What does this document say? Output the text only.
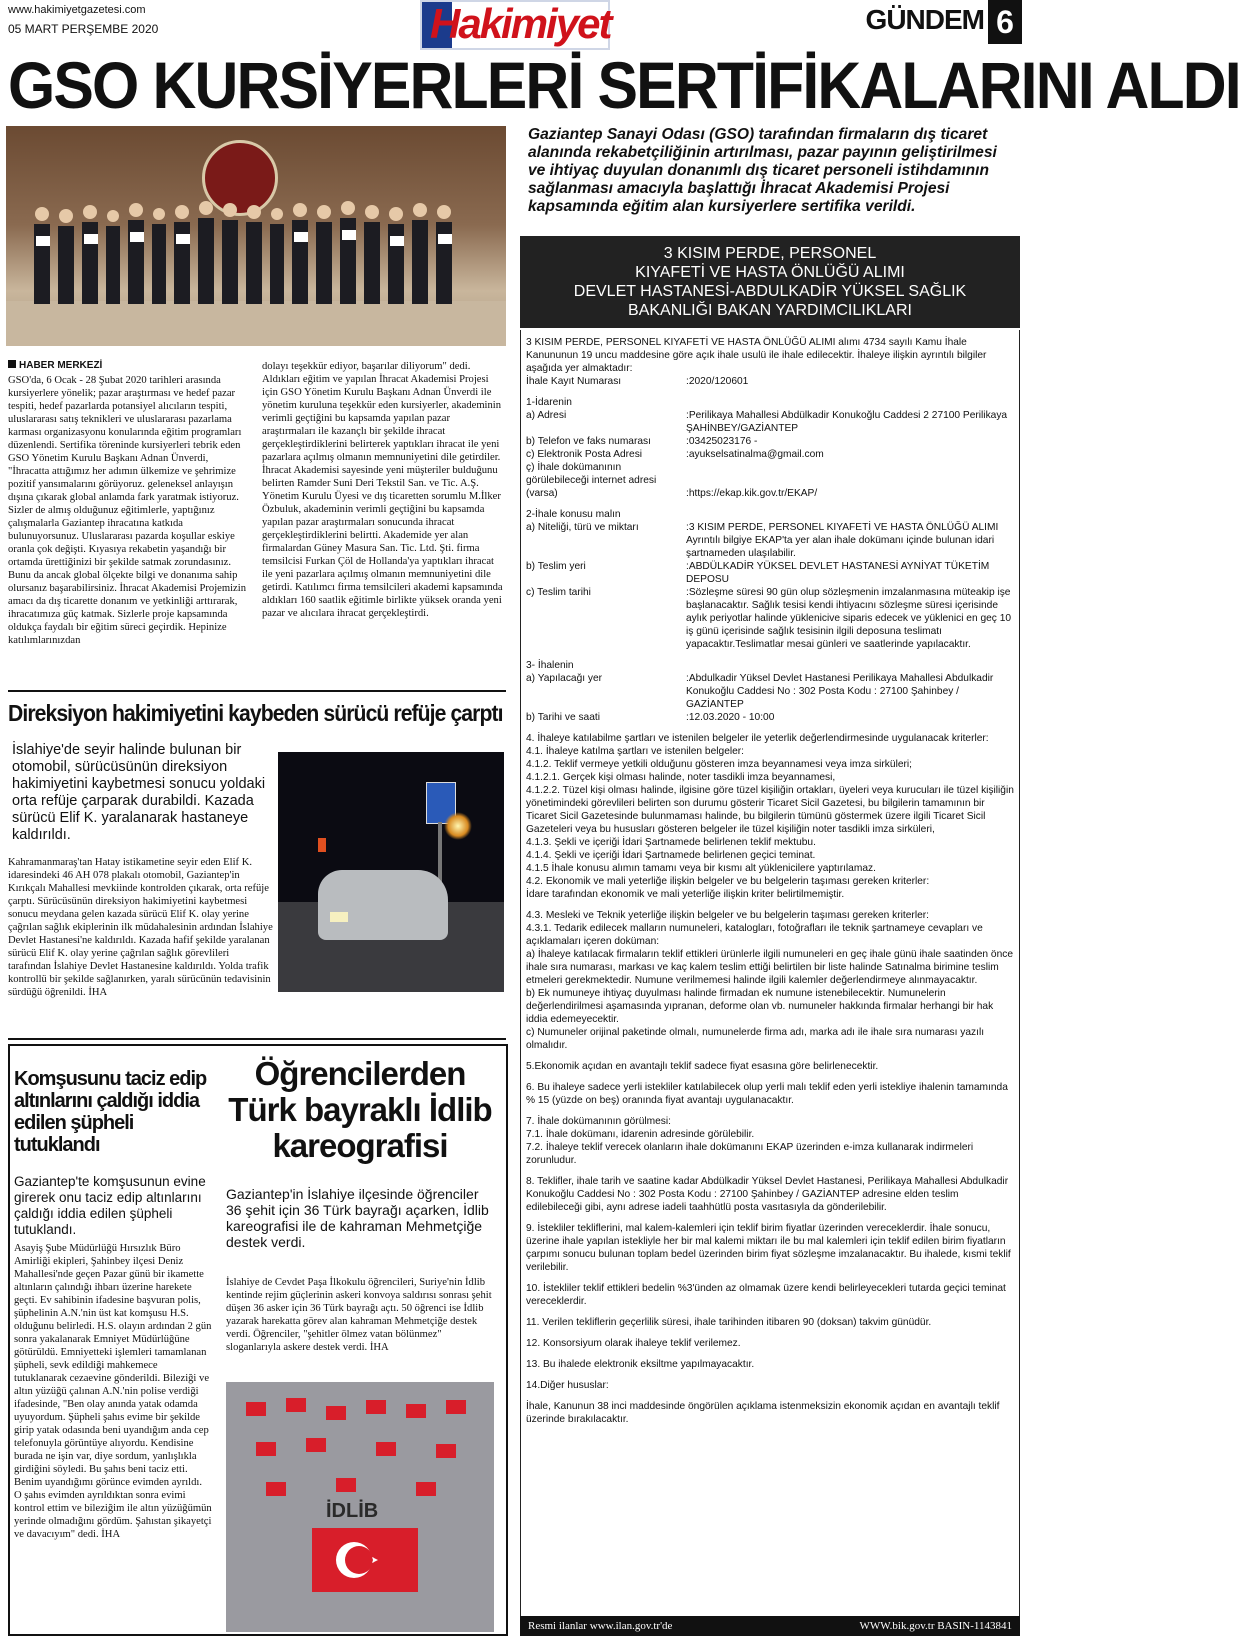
www.hakimiyetgazetesi.com
05 MART PERŞEMBE 2020	Hakimiyet	GÜNDEM 6
GSO KURSİYERLERİ SERTİFİKALARINI ALDI
Gaziantep Sanayi Odası (GSO) tarafından firmaların dış ticaret alanında rekabetçiliğinin artırılması, pazar payının geliştirilmesi ve ihtiyaç duyulan donanımlı dış ticaret personeli istihdamının sağlanması amacıyla başlattığı İhracat Akademisi Projesi kapsamında eğitim alan kursiyerlere sertifika verildi.
HABER MERKEZİ

GSO'da, 6 Ocak - 28 Şubat 2020 tarihleri arasında kursiyerlere yönelik; pazar araştırması ve hedef pazar tespiti, hedef pazarlarda potansiyel alıcıların tespiti, uluslararası satış teknikleri ve uluslararası pazarlama karması organizasyonu konularında eğitim programları düzenlendi. Sertifika töreninde kursiyerleri tebrik eden GSO Yönetim Kurulu Başkanı Adnan Ünverdi, "İhracatta attığımız her adımın ülkemize ve şehrimize pozitif yansımalarını görüyoruz. geleneksel anlayışın dışına çıkarak global anlamda fark yaratmak istiyoruz. Sizler de almış olduğunuz eğitimlerle, yaptığınız çalışmalarla Gaziantep ihracatına katkıda bulunuyorsunuz. Uluslararası pazarda koşullar eskiye oranla çok değişti. Kıyasıya rekabetin yaşandığı bir ortamda ürettiğinizi bir şekilde satmak zorundasınız. Bunu da ancak global ölçekte bilgi ve donanıma sahip olursanız başarabilirsiniz. İhracat Akademisi Projemizin amacı da dış ticarette donanım ve yetkinliği arttırarak, ihracatımıza güç katmak. Sizlerle proje kapsamında oldukça faydalı bir eğitim süreci geçirdik. Hepinize katılımlarınızdan

dolayı teşekkür ediyor, başarılar diliyorum" dedi. Aldıkları eğitim ve yapılan İhracat Akademisi Projesi için GSO Yönetim Kurulu Başkanı Adnan Ünverdi ile yönetim kuruluna teşekkür eden kursiyerler, akademinin verimli geçtiğini bu kapsamda yapılan pazar araştırmaları ile kazançlı bir şekilde ihracat gerçekleştirdiklerini belirterek yaptıkları ihracat ile yeni pazarlara açılmış olmanın memnuniyetini dile getirdiler. İhracat Akademisi sayesinde yeni müşteriler bulduğunu belirten Ramder Suni Deri Tekstil San. ve Tic. A.Ş. Yönetim Kurulu Üyesi ve dış ticaretten sorumlu M.İlker Özbuluk, akademinin verimli geçtiğini bu kapsamda yapılan pazar araştırmaları sonucunda ihracat gerçekleştirdiklerini belirtti. Akademide yer alan firmalardan Güney Masura San. Tic. Ltd. Şti. firma temsilcisi Furkan Çöl de Hollanda'ya yaptıkları ihracat ile yeni pazarlara açılmış olmanın memnuniyetini dile getirdi. Katılımcı firma temsilcileri akademi kapsamında aldıkları 160 saatlik eğitimle birlikte yüksek oranda yeni pazar ve alıcılara ihracat gerçekleştirdi.

Direksiyon hakimiyetini kaybeden sürücü refüje çarptı
İslahiye'de seyir halinde bulunan bir otomobil, sürücüsünün direksiyon hakimiyetini kaybetmesi sonucu yoldaki orta refüje çarparak durabildi. Kazada sürücü Elif K. yaralanarak hastaneye kaldırıldı.

Kahramanmaraş'tan Hatay istikametine seyir eden Elif K. idaresindeki 46 AH 078 plakalı otomobil, Gaziantep'in Kırıkçalı Mahallesi mevkiinde kontrolden çıkarak, orta refüje çarptı. Sürücüsünün direksiyon hakimiyetini kaybetmesi sonucu meydana gelen kazada sürücü Elif K. olay yerine çağrılan sağlık ekiplerinin ilk müdahalesinin ardından İslahiye Devlet Hastanesi'ne kaldırıldı. Kazada hafif şekilde yaralanan sürücü Elif K. olay yerine çağrılan sağlık görevlileri tarafından İslahiye Devlet Hastanesine kaldırıldı. Yolda trafik kontrollü bir şekilde sağlanırken, yaralı sürücünün tedavisinin sürdüğü öğrenildi. İHA

Komşusunu taciz edip altınlarını çaldığı iddia edilen şüpheli tutuklandı
Gaziantep'te komşusunun evine girerek onu taciz edip altınlarını çaldığı iddia edilen şüpheli tutuklandı.

Asayiş Şube Müdürlüğü Hırsızlık Büro Amirliği ekipleri, Şahinbey ilçesi Deniz Mahallesi'nde geçen Pazar günü bir ikamette altınların çalındığı ihbarı üzerine harekete geçti. Ev sahibinin ifadesine başvuran polis, şüphelinin A.N.'nin üst kat komşusu H.S. olduğunu belirledi. H.S. olayın ardından 2 gün sonra yakalanarak Emniyet Müdürlüğüne götürüldü. Emniyetteki işlemleri tamamlanan şüpheli, sevk edildiği mahkemece tutuklanarak cezaevine gönderildi. Bileziği ve altın yüzüğü çalınan A.N.'nin polise verdiği ifadesinde, "Ben olay anında yatak odamda uyuyordum. Şüpheli şahıs evime bir şekilde girip yatak odasında beni uyandığım anda cep telefonuyla görüntüye alıyordu. Kendisine burada ne işin var, diye sordum, yanlışlıkla girdiğini söyledi. Bu şahıs beni taciz etti. Benim uyandığımı görünce evimden ayrıldı. O şahıs evimden ayrıldıktan sonra evimi kontrol ettim ve bileziğim ile altın yüzüğümün yerinde olmadığını gördüm. Şahıstan şikayetçi ve davacıyım" dedi. İHA

Öğrencilerden Türk bayraklı İdlib kareografisi
Gaziantep'in İslahiye ilçesinde öğrenciler 36 şehit için 36 Türk bayrağı açarken, İdlib kareografisi ile de kahraman Mehmetçiğe destek verdi.

İslahiye de Cevdet Paşa İlkokulu öğrencileri, Suriye'nin İdlib kentinde rejim güçlerinin askeri konvoya saldırısı sonrası şehit düşen 36 asker için 36 Türk bayrağı açtı. 50 öğrenci ise İdlib yazarak harekatta görev alan kahraman Mehmetçiğe destek verdi. Öğrenciler, "şehitler ölmez vatan bölünmez" sloganlarıyla askere destek verdi. İHA

İDLİB
3 KISIM PERDE, PERSONEL
KIYAFETİ VE HASTA ÖNLÜĞÜ ALIMI
DEVLET HASTANESİ-ABDULKADİR YÜKSEL SAĞLIK
BAKANLIĞI BAKAN YARDIMCILIKLARI

3 KISIM PERDE, PERSONEL KIYAFETİ VE HASTA ÖNLÜĞÜ ALIMI alımı 4734 sayılı Kamu İhale Kanununun 19 uncu maddesine göre açık ihale usulü ile ihale edilecektir. İhaleye ilişkin ayrıntılı bilgiler aşağıda yer almaktadır:

İhale Kayıt Numarası	:2020/120601

1-İdarenin

a) Adresi	:Perilikaya Mahallesi Abdülkadir Konukoğlu Caddesi 2 27100 Perilikaya ŞAHİNBEY/GAZİANTEP
b) Telefon ve faks numarası	:03425023176 -
c) Elektronik Posta Adresi	:ayukselsatinalma@gmail.com
ç) İhale dokümanının görülebileceği internet adresi (varsa)	:https://ekap.kik.gov.tr/EKAP/

2-İhale konusu malın

a) Niteliği, türü ve miktarı	:3 KISIM PERDE, PERSONEL KIYAFETİ VE HASTA ÖNLÜĞÜ ALIMI
Ayrıntılı bilgiye EKAP'ta yer alan ihale dokümanı içinde bulunan idari şartnameden ulaşılabilir.
b) Teslim yeri	:ABDÜLKADİR YÜKSEL DEVLET HASTANESİ AYNİYAT TÜKETİM DEPOSU
c) Teslim tarihi	:Sözleşme süresi 90 gün olup sözleşmenin imzalanmasına müteakip işe başlanacaktır. Sağlık tesisi kendi ihtiyacını sözleşme süresi içerisinde aylık periyotlar halinde yüklenicive siparis edecek ve yüklenici en geç 10 iş günü içerisinde sağlık tesisinin ilgili deposuna teslimatı yapacaktır.Teslimatlar mesai günleri ve saatlerinde yapılacaktır.

3- İhalenin

a) Yapılacağı yer	:Abdulkadir Yüksel Devlet Hastanesi Perilikaya Mahallesi Abdulkadir Konukoğlu Caddesi No : 302 Posta Kodu : 27100 Şahinbey / GAZİANTEP
b) Tarihi ve saati	:12.03.2020 - 10:00

4. İhaleye katılabilme şartları ve istenilen belgeler ile yeterlik değerlendirmesinde uygulanacak kriterler:

4.1. İhaleye katılma şartları ve istenilen belgeler:

4.1.2. Teklif vermeye yetkili olduğunu gösteren imza beyannamesi veya imza sirküleri;

4.1.2.1. Gerçek kişi olması halinde, noter tasdikli imza beyannamesi,

4.1.2.2. Tüzel kişi olması halinde, ilgisine göre tüzel kişiliğin ortakları, üyeleri veya kurucuları ile tüzel kişiliğin yönetimindeki görevlileri belirten son durumu gösterir Ticaret Sicil Gazetesi, bu bilgilerin tamamının bir Ticaret Sicil Gazetesinde bulunmaması halinde, bu bilgilerin tümünü göstermek üzere ilgili Ticaret Sicil Gazeteleri veya bu hususları gösteren belgeler ile tüzel kişiliğin noter tasdikli imza sirküleri,

4.1.3. Şekli ve içeriği İdari Şartnamede belirlenen teklif mektubu.

4.1.4. Şekli ve içeriği İdari Şartnamede belirlenen geçici teminat.

4.1.5 İhale konusu alımın tamamı veya bir kısmı alt yüklenicilere yaptırılamaz.

4.2. Ekonomik ve mali yeterliğe ilişkin belgeler ve bu belgelerin taşıması gereken kriterler:

İdare tarafından ekonomik ve mali yeterliğe ilişkin kriter belirtilmemiştir.

4.3. Mesleki ve Teknik yeterliğe ilişkin belgeler ve bu belgelerin taşıması gereken kriterler:

4.3.1. Tedarik edilecek malların numuneleri, katalogları, fotoğrafları ile teknik şartnameye cevapları ve açıklamaları içeren doküman:

a) İhaleye katılacak firmaların teklif ettikleri ürünlerle ilgili numuneleri en geç ihale günü ihale saatinden önce ihale sıra numarası, markası ve kaç kalem teslim ettiği belirtilen bir liste halinde Satınalma birimine teslim etmeleri gerekmektedir. Numune verilmemesi halinde ilgili kalemler değerlendirmeye alınmayacaktır.

b) Ek numuneye ihtiyaç duyulması halinde firmadan ek numune istenebilecektir. Numunelerin değerlendirilmesi aşamasında yıpranan, deforme olan vb. numuneler hakkında firmalar herhangi bir hak iddia edemeyecektir.

c) Numuneler orijinal paketinde olmalı, numunelerde firma adı, marka adı ile ihale sıra numarası yazılı olmalıdır.

5.Ekonomik açıdan en avantajlı teklif sadece fiyat esasına göre belirlenecektir.

6. Bu ihaleye sadece yerli istekliler katılabilecek olup yerli malı teklif eden yerli istekliye ihalenin tamamında % 15 (yüzde on beş) oranında fiyat avantajı uygulanacaktır.

7. İhale dokümanının görülmesi:

7.1. İhale dokümanı, idarenin adresinde görülebilir.

7.2. İhaleye teklif verecek olanların ihale dokümanını EKAP üzerinden e-imza kullanarak indirmeleri zorunludur.

8. Teklifler, ihale tarih ve saatine kadar Abdülkadir Yüksel Devlet Hastanesi, Perilikaya Mahallesi Abdulkadir Konukoğlu Caddesi No : 302 Posta Kodu : 27100 Şahinbey / GAZİANTEP adresine elden teslim edilebileceği gibi, aynı adrese iadeli taahhütlü posta vasıtasıyla da gönderilebilir.

9. İstekliler tekliflerini, mal kalem-kalemleri için teklif birim fiyatlar üzerinden vereceklerdir. İhale sonucu, üzerine ihale yapılan istekliyle her bir mal kalemi miktarı ile bu mal kalemleri için teklif edilen birim fiyatların çarpımı sonucu bulunan toplam bedel üzerinden birim fiyat sözleşme imzalanacaktır. Bu ihalede, kısmi teklif verilebilir.

10. İstekliler teklif ettikleri bedelin %3'ünden az olmamak üzere kendi belirleyecekleri tutarda geçici teminat vereceklerdir.

11. Verilen tekliflerin geçerlilik süresi, ihale tarihinden itibaren 90 (doksan) takvim günüdür.

12. Konsorsiyum olarak ihaleye teklif verilemez.

13. Bu ihalede elektronik eksiltme yapılmayacaktır.

14.Diğer hususlar:

İhale, Kanunun 38 inci maddesinde öngörülen açıklama istenmeksizin ekonomik açıdan en avantajlı teklif üzerinde bırakılacaktır.

Resmi ilanlar www.ilan.gov.tr'de	WWW.bik.gov.tr BASIN-1143841
